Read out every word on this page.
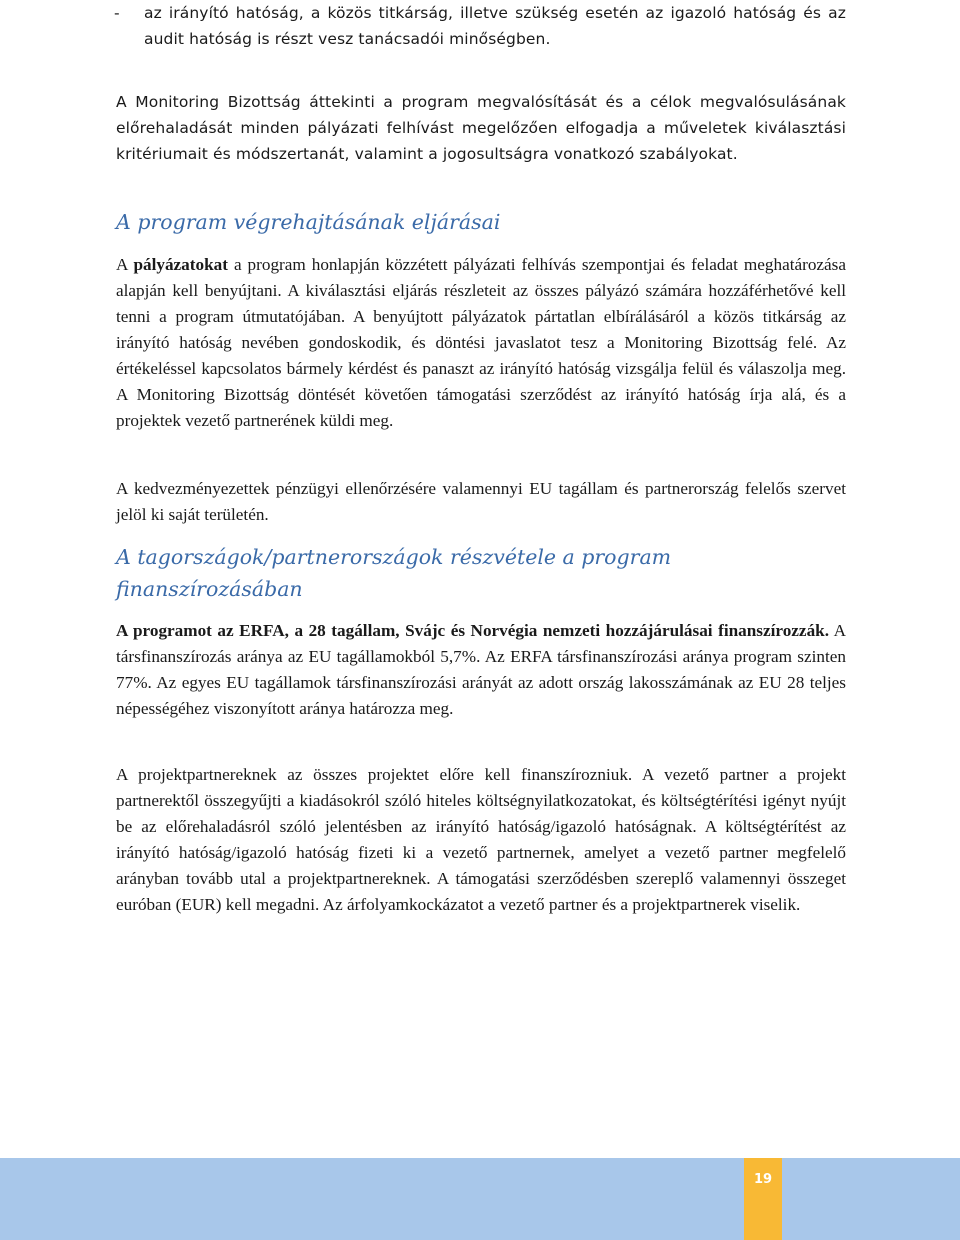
- az irányító hatóság, a közös titkárság, illetve szükség esetén az igazoló hatóság és az audit hatóság is részt vesz tanácsadói minőségben.

A Monitoring Bizottság áttekinti a program megvalósítását és a célok megvalósulásának előrehaladását minden pályázati felhívást megelőzően elfogadja a műveletek kiválasztási kritériumait és módszertanát, valamint a jogosultságra vonatkozó szabályokat.

A program végrehajtásának eljárásai

A pályázatokat a program honlapján közzétett pályázati felhívás szempontjai és feladat meghatározása alapján kell benyújtani. A kiválasztási eljárás részleteit az összes pályázó számára hozzáférhetővé kell tenni a program útmutatójában. A benyújtott pályázatok pártatlan elbírálásáról a közös titkárság az irányító hatóság nevében gondoskodik, és döntési javaslatot tesz a Monitoring Bizottság felé. Az értékeléssel kapcsolatos bármely kérdést és panaszt az irányító hatóság vizsgálja felül és válaszolja meg. A Monitoring Bizottság döntését követően támogatási szerződést az irányító hatóság írja alá, és a projektek vezető partnerének küldi meg.

A kedvezményezettek pénzügyi ellenőrzésére valamennyi EU tagállam és partnerország felelős szervet jelöl ki saját területén.

A tagországok/partnerországok részvétele a program finanszírozásában

A programot az ERFA, a 28 tagállam, Svájc és Norvégia nemzeti hozzájárulásai finanszírozzák. A társfinanszírozás aránya az EU tagállamokból 5,7%. Az ERFA társfinanszírozási aránya program szinten 77%. Az egyes EU tagállamok társfinanszírozási arányát az adott ország lakosszámának az EU 28 teljes népességéhez viszonyított aránya határozza meg.

A projektpartnereknek az összes projektet előre kell finanszírozniuk. A vezető partner a projekt partnerektől összegyűjti a kiadásokról szóló hiteles költségnyilatkozatokat, és költségtérítési igényt nyújt be az előrehaladásról szóló jelentésben az irányító hatóság/igazoló hatóságnak. A költségtérítést az irányító hatóság/igazoló hatóság fizeti ki a vezető partnernek, amelyet a vezető partner megfelelő arányban tovább utal a projektpartnereknek. A támogatási szerződésben szereplő valamennyi összeget euróban (EUR) kell megadni. Az árfolyamkockázatot a vezető partner és a projektpartnerek viselik.

19
